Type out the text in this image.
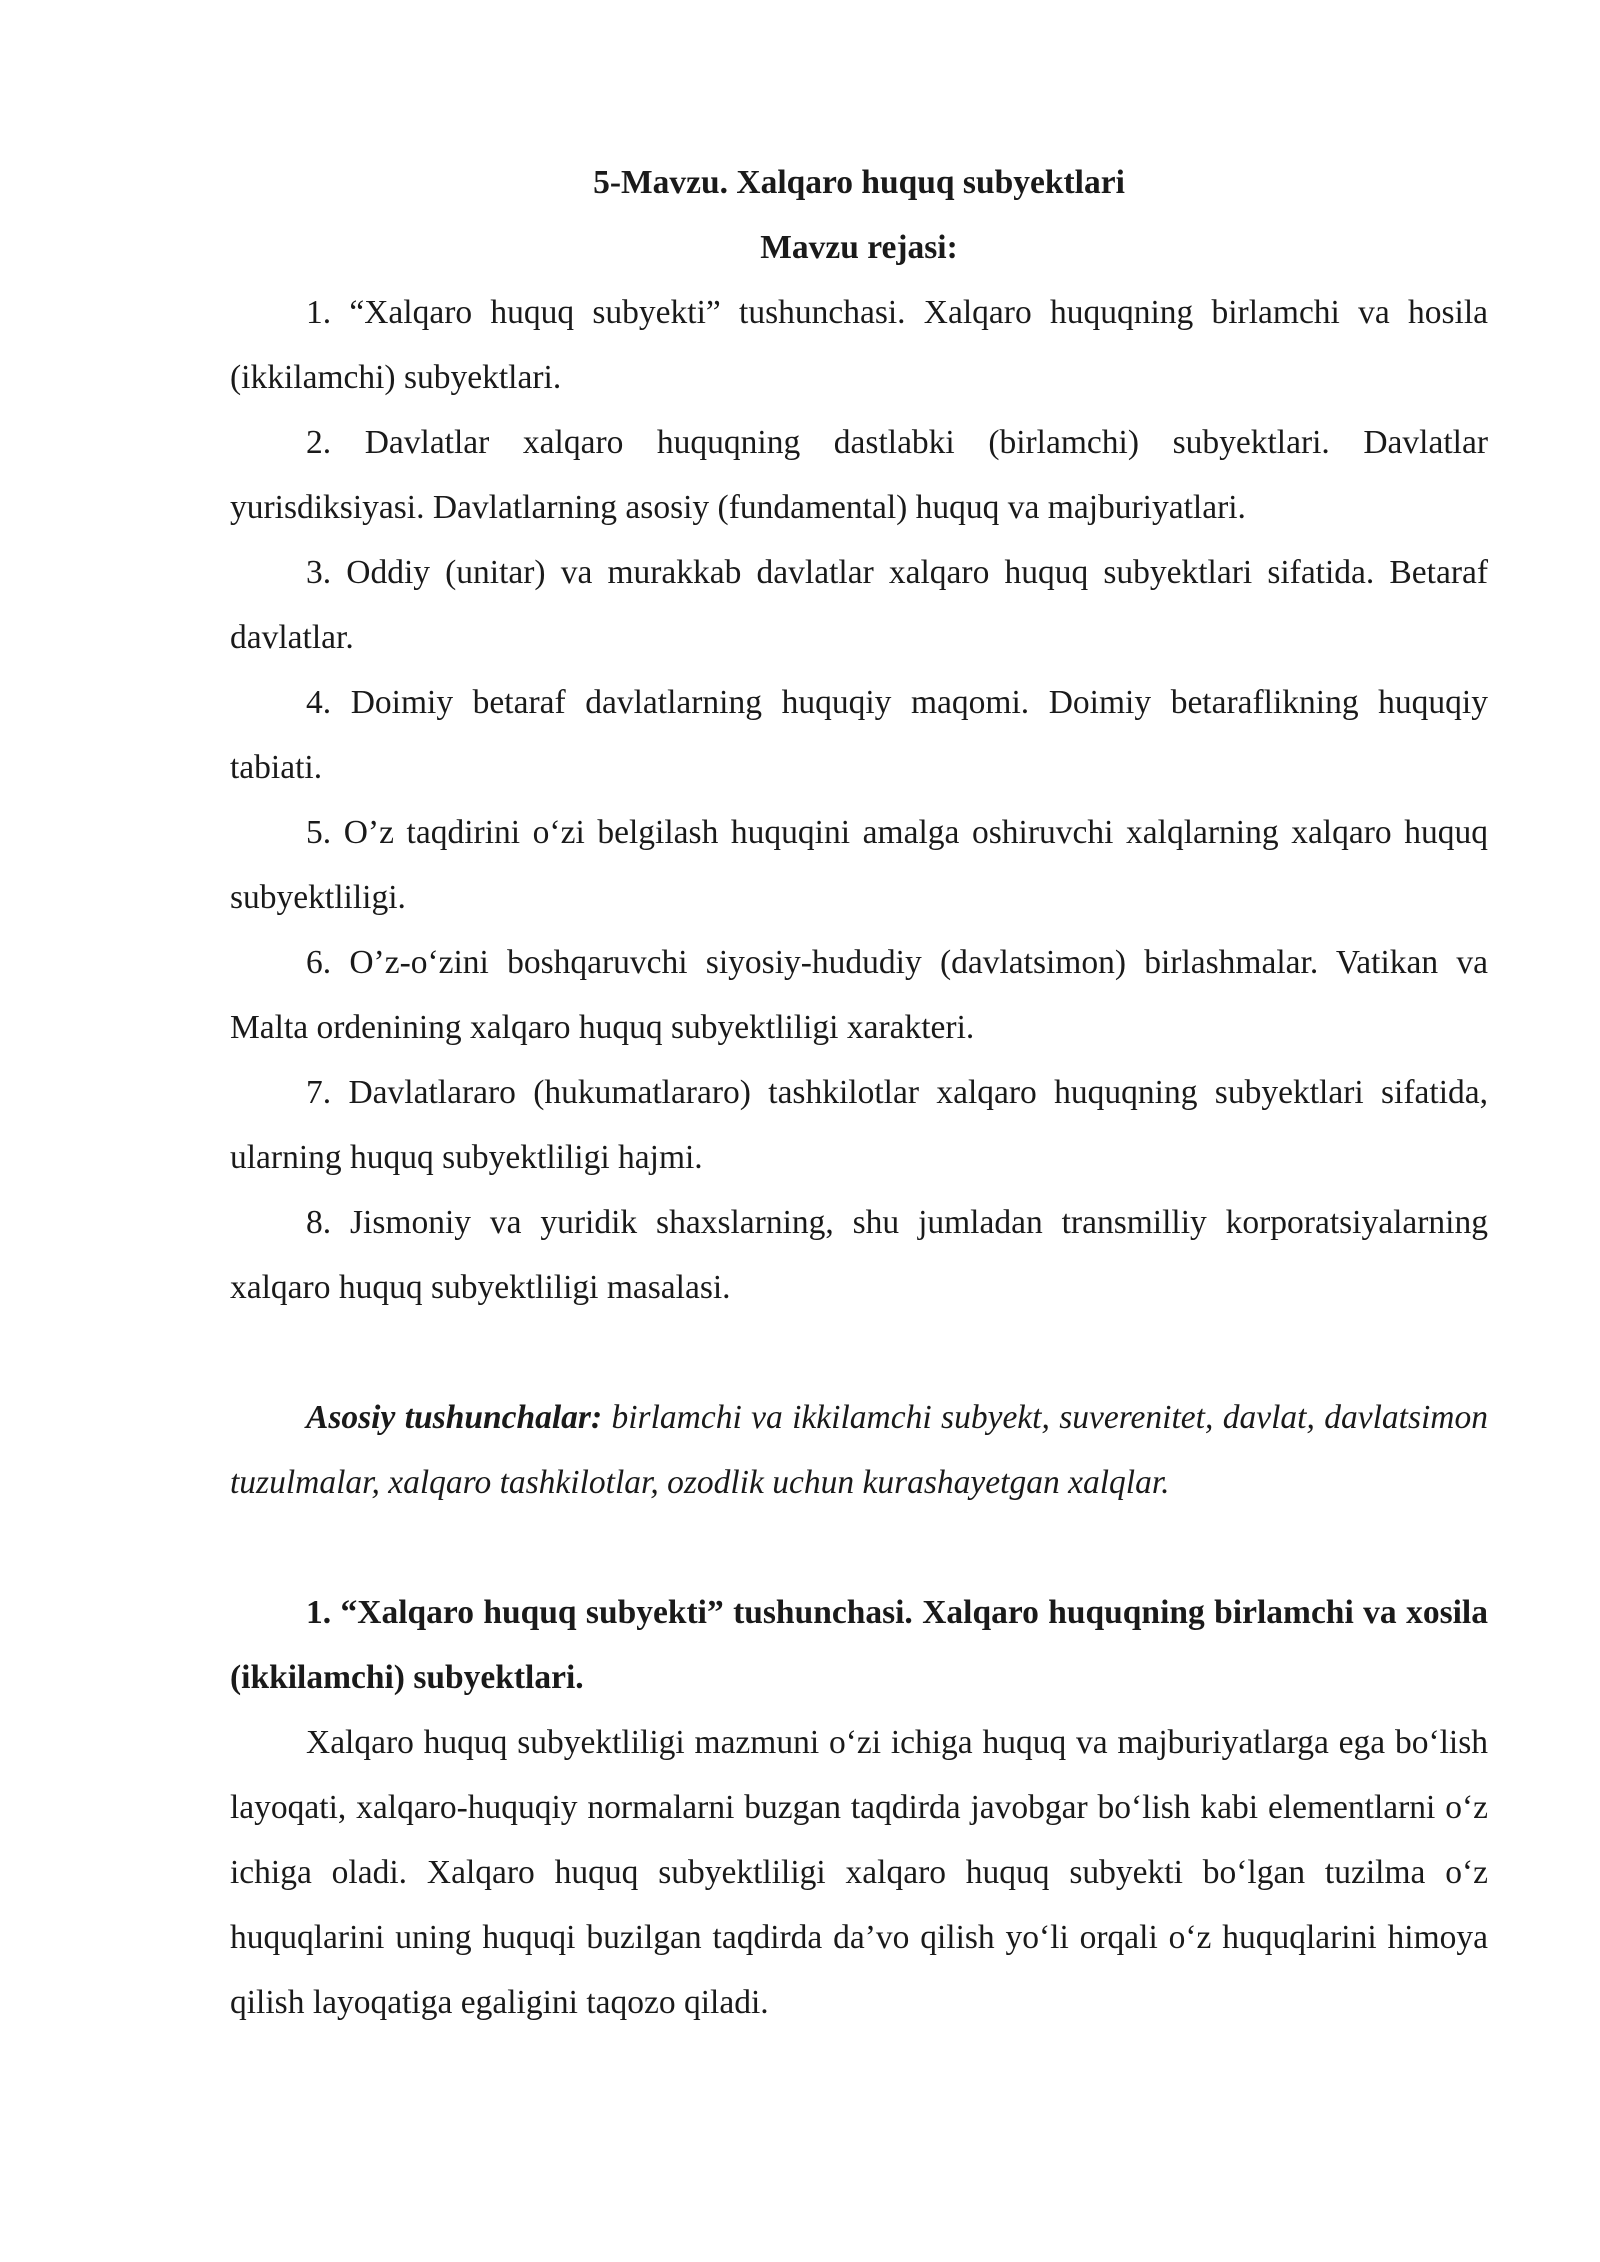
5-Mavzu. Xalqaro huquq subyektlari

Mavzu rejasi:

1. “Xalqaro huquq subyekti” tushunchasi. Xalqaro huquqning birlamchi va hosila (ikkilamchi) subyektlari.

2. Davlatlar xalqaro huquqning dastlabki (birlamchi) subyektlari. Davlatlar yurisdiksiyasi. Davlatlarning asosiy (fundamental) huquq va majburiyatlari.

3. Oddiy (unitar) va murakkab davlatlar xalqaro huquq subyektlari sifatida. Betaraf davlatlar.

4. Doimiy betaraf davlatlarning huquqiy maqomi. Doimiy betaraflikning huquqiy tabiati.

5. O’z taqdirini o‘zi belgilash huquqini amalga oshiruvchi xalqlarning xalqaro huquq subyektliligi.

6. O’z-o‘zini boshqaruvchi siyosiy-hududiy (davlatsimon) birlashmalar. Vatikan va Malta ordenining xalqaro huquq subyektliligi xarakteri.

7. Davlatlararo (hukumatlararo) tashkilotlar xalqaro huquqning subyektlari sifatida, ularning huquq subyektliligi hajmi.

8. Jismoniy va yuridik shaxslarning, shu jumladan transmilliy korporatsiyalarning xalqaro huquq subyektliligi masalasi.

Asosiy tushunchalar: birlamchi va ikkilamchi subyekt, suverenitet, davlat, davlatsimon tuzulmalar, xalqaro tashkilotlar, ozodlik uchun kurashayetgan xalqlar.

1. “Xalqaro huquq subyekti” tushunchasi. Xalqaro huquqning birlamchi va xosila (ikkilamchi) subyektlari.

Xalqaro huquq subyektliligi mazmuni o‘zi ichiga huquq va majburiyatlarga ega bo‘lish layoqati, xalqaro-huquqiy normalarni buzgan taqdirda javobgar bo‘lish kabi elementlarni o‘z ichiga oladi. Xalqaro huquq subyektliligi xalqaro huquq subyekti bo‘lgan tuzilma o‘z huquqlarini uning huquqi buzilgan taqdirda da’vo qilish yo‘li orqali o‘z huquqlarini himoya qilish layoqatiga egaligini taqozo qiladi.
